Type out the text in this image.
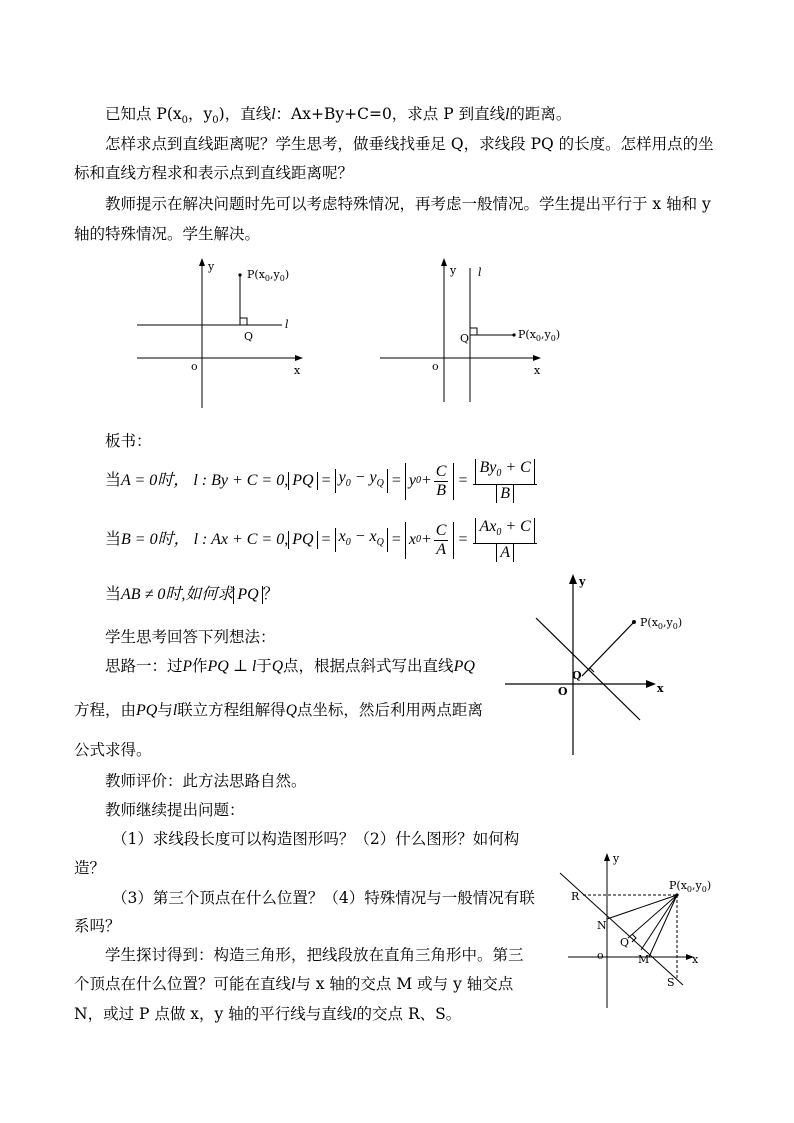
已知点 $P(x_0$，$y_0$)，直线l：Ax+By+C=0，求点 P 到直线l的距离。
怎样求点到直线距离呢？学生思考，做垂线找垂足 Q，求线段 PQ 的长度。怎样用点的坐
标和直线方程求和表示点到直线距离呢？
教师提示在解决问题时先可以考虑特殊情况，再考虑一般情况。学生提出平行于 x 轴和 y
轴的特殊情况。学生解决。
y
x
o
Q
l
$P(x_0,y_0)$	y
x
o
Q
l
$P(x_0,y_0)$
板书：
当 A = 0时，
l : By + C = 0, PQ = $y_0 - y_Q = y$ $0 + \frac{C}{B} = \frac{By_0 + C}{B}$
当 B = 0时，
l : Ax + C = 0, PQ = $x_0 - x_Q = x$ $0 + \frac{C}{A} = \frac{Ax_0 + C}{A}$
当AB ≠ 0时,如何求 PQ ？
学生思考回答下列想法：
思路一：过P作PQ ⊥ l于Q点，根据点斜式写出直线PQ
方程，由PQ与l联立方程组解得Q点坐标，然后利用两点距离
公式求得。
y
x
O
Q
$P(x_0,y_0)$
教师评价：此方法思路自然。
教师继续提出问题：
（1）求线段长度可以构造图形吗？（2）什么图形？如何构
造？
（3）第三个顶点在什么位置？（4）特殊情况与一般情况有联
系吗？
学生探讨得到：构造三角形，把线段放在直角三角形中。第三
个顶点在什么位置？可能在直线l与 x 轴的交点 M 或与 y 轴交点
N，或过 P 点做 x，y 轴的平行线与直线l的交点 R、S。
y
x
o
R
N
Q
M
S
$P(x_0,y_0)$
